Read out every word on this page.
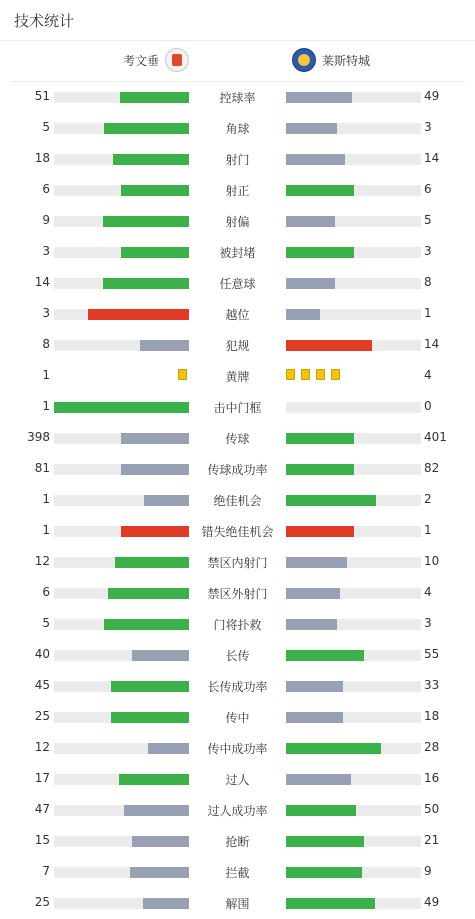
技术统计
考文垂	莱斯特城
51	控球率	49
5	角球	3
18	射门	14
6	射正	6
9	射偏	5
3	被封堵	3
14	任意球	8
3	越位	1
8	犯规	14
1	黄牌	4
1	击中门框	0
398	传球	401
81	传球成功率	82
1	绝佳机会	2
1	错失绝佳机会	1
12	禁区内射门	10
6	禁区外射门	4
5	门将扑救	3
40	长传	55
45	长传成功率	33
25	传中	18
12	传中成功率	28
17	过人	16
47	过人成功率	50
15	抢断	21
7	拦截	9
25	解围	49
